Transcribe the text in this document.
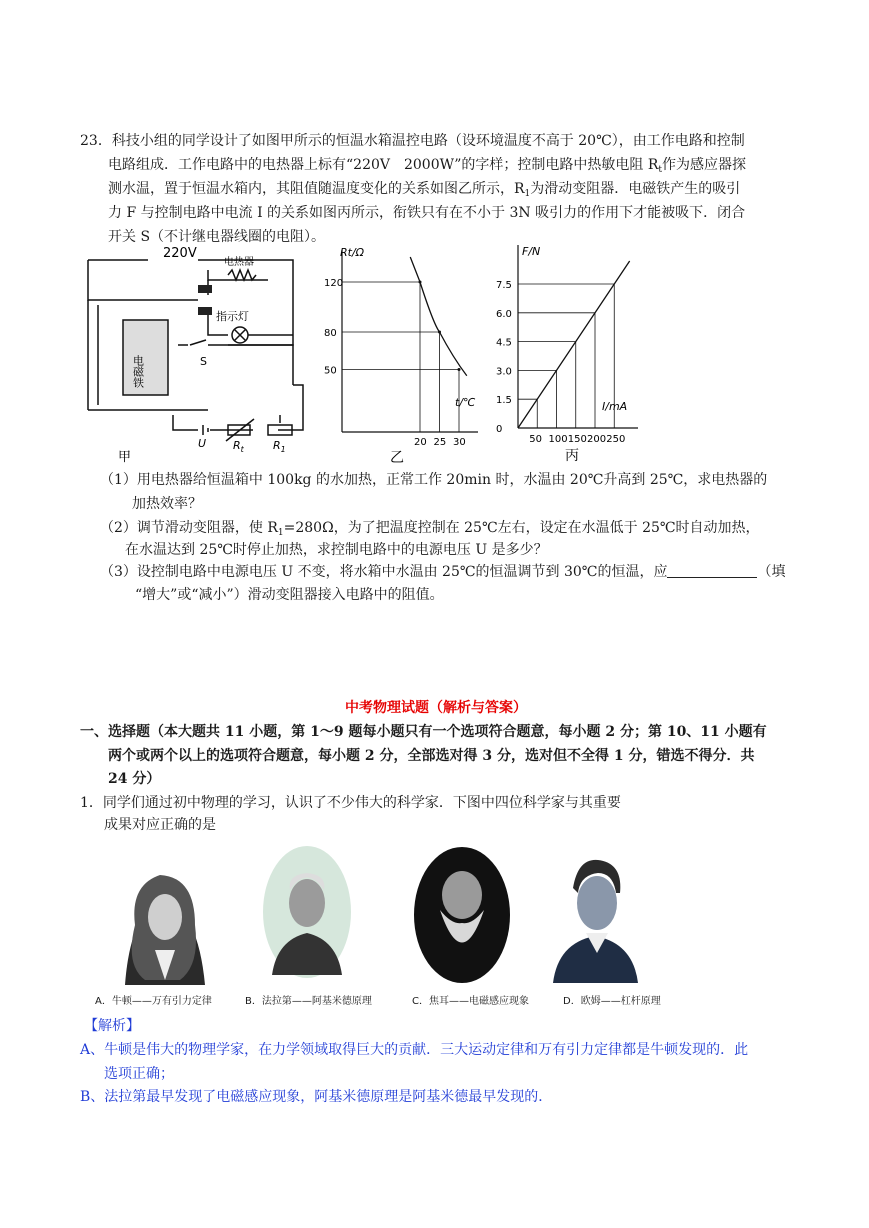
23．科技小组的同学设计了如图甲所示的恒温水箱温控电路（设环境温度不高于 20℃），由工作电路和控制
电路组成．工作电路中的电热器上标有“220V　2000W”的字样；控制电路中热敏电阻 $R_t$作为感应器探
测水温，置于恒温水箱内，其阻值随温度变化的关系如图乙所示，$R_1$为滑动变阻器．电磁铁产生的吸引
力 F 与控制电路中电流 I 的关系如图丙所示，衔铁只有在不小于 3N 吸引力的作用下才能被吸下．闭合
开关 S（不计继电器线圈的电阻）。
220V
电热器
指示灯
S
电磁铁
U $R_t$	$R_1$
甲
Rt/Ω
t/℃
120
20
80
25
50
30
乙
F/N
I/mA
50 100 150 200 250
7.5
6.0
4.5
3.0
1.5
0
丙
（1）用电热器给恒温箱中 100kg 的水加热，正常工作 20min 时，水温由 20℃升高到 25℃，求电热器的
加热效率？
（2）调节滑动变阻器，使 $R_1=280\Omega$，为了把温度控制在 25℃左右，设定在水温低于 25℃时自动加热，
在水温达到 25℃时停止加热，求控制电路中的电源电压 U 是多少？
（3）设控制电路中电源电压 U 不变，将水箱中水温由 25℃的恒温调节到 30℃的恒温，应	（填
“增大”或“减小”）滑动变阻器接入电路中的阻值。
中考物理试题（解析与答案）
一、选择题（本大题共 11 小题，第 1～9 题每小题只有一个选项符合题意，每小题 2 分；第 10、11 小题有
两个或两个以上的选项符合题意，每小题 2 分，全部选对得 3 分，选对但不全得 1 分，错选不得分．共
24 分）
1．同学们通过初中物理的学习，认识了不少伟大的科学家．下图中四位科学家与其重要
成果对应正确的是
A．牛顿——万有引力定律	B．法拉第——阿基米德原理	C．焦耳——电磁感应现象	D．欧姆——杠杆原理
【解析】
A、牛顿是伟大的物理学家，在力学领域取得巨大的贡献．三大运动定律和万有引力定律都是牛顿发现的．此
选项正确；
B、法拉第最早发现了电磁感应现象，阿基米德原理是阿基米德最早发现的．
